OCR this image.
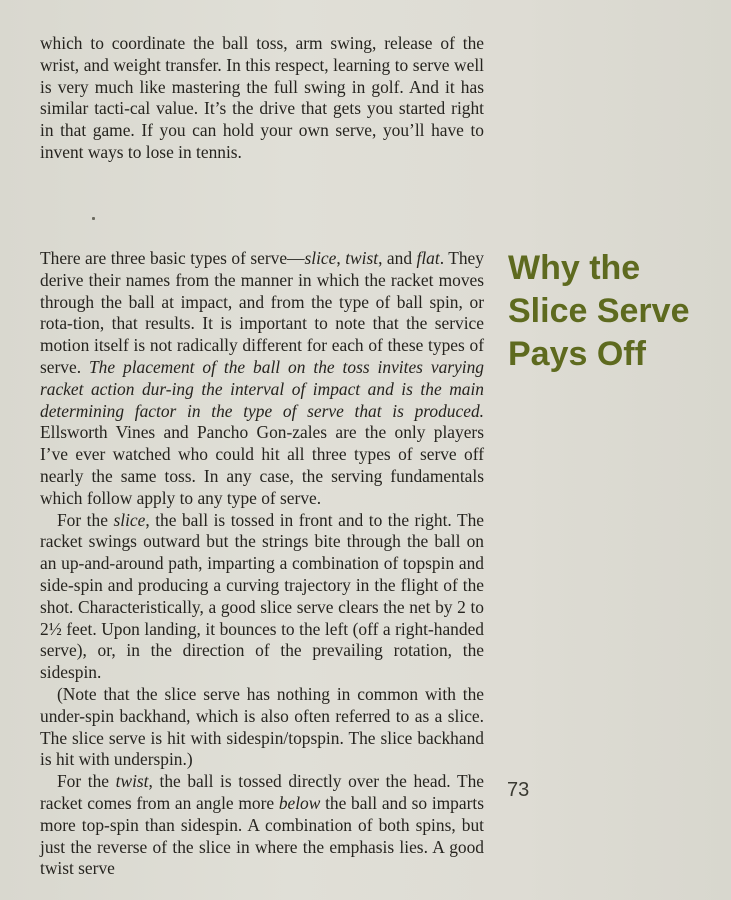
which to coordinate the ball toss, arm swing, release of the wrist, and weight transfer. In this respect, learning to serve well is very much like mastering the full swing in golf. And it has similar tacti-cal value. It’s the drive that gets you started right in that game. If you can hold your own serve, you’ll have to invent ways to lose in tennis.

There are three basic types of serve—slice, twist, and flat. They derive their names from the manner in which the racket moves through the ball at impact, and from the type of ball spin, or rota-tion, that results. It is important to note that the service motion itself is not radically different for each of these types of serve. The placement of the ball on the toss invites varying racket action dur-ing the interval of impact and is the main determining factor in the type of serve that is produced. Ellsworth Vines and Pancho Gon-zales are the only players I’ve ever watched who could hit all three types of serve off nearly the same toss. In any case, the serving fundamentals which follow apply to any type of serve.

For the slice, the ball is tossed in front and to the right. The racket swings outward but the strings bite through the ball on an up-and-around path, imparting a combination of topspin and side-spin and producing a curving trajectory in the flight of the shot. Characteristically, a good slice serve clears the net by 2 to 2½ feet. Upon landing, it bounces to the left (off a right-handed serve), or, in the direction of the prevailing rotation, the sidespin.

(Note that the slice serve has nothing in common with the under-spin backhand, which is also often referred to as a slice. The slice serve is hit with sidespin/topspin. The slice backhand is hit with underspin.)

For the twist, the ball is tossed directly over the head. The racket comes from an angle more below the ball and so imparts more top-spin than sidespin. A combination of both spins, but just the reverse of the slice in where the emphasis lies. A good twist serve

Why the
Slice Serve
Pays Off
73
